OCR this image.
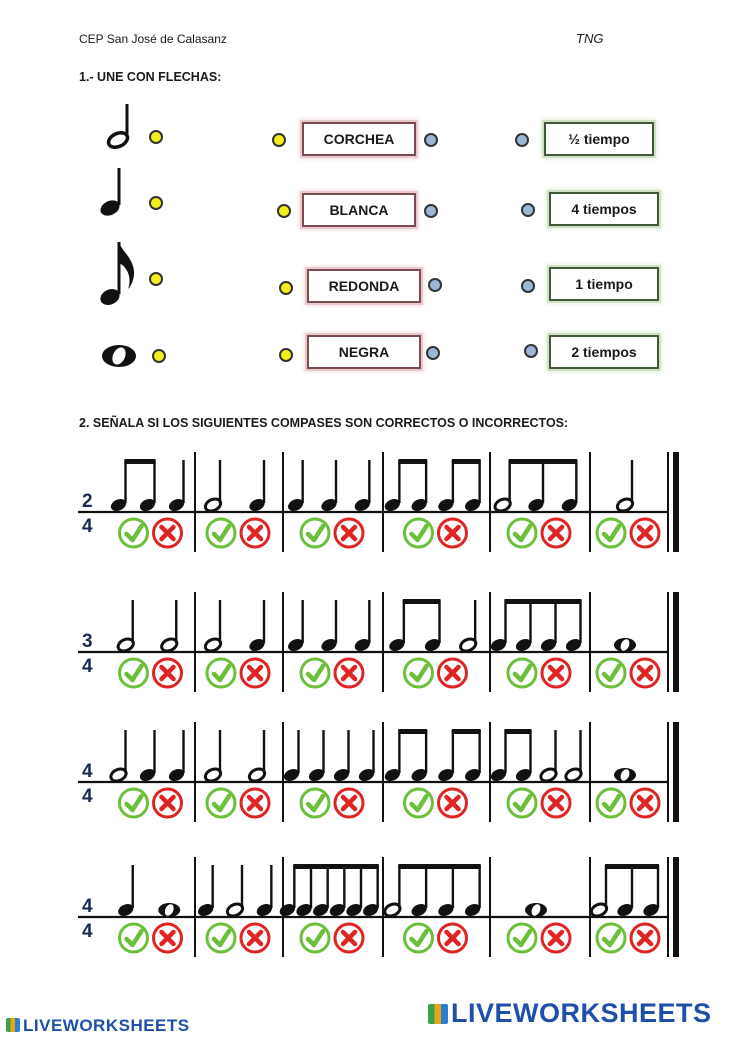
CEP San José de Calasanz	TNG
1.- UNE CON FLECHAS:
CORCHEA
BLANCA
REDONDA
NEGRA
½ tiempo
4 tiempos
1 tiempo
2 tiempos
2. SEÑALA SI LOS SIGUIENTES COMPASES SON CORRECTOS O INCORRECTOS:
2
4
3
4
4
4
4
4
LIVEWORKSHEETS	LIVEWORKSHEETS
